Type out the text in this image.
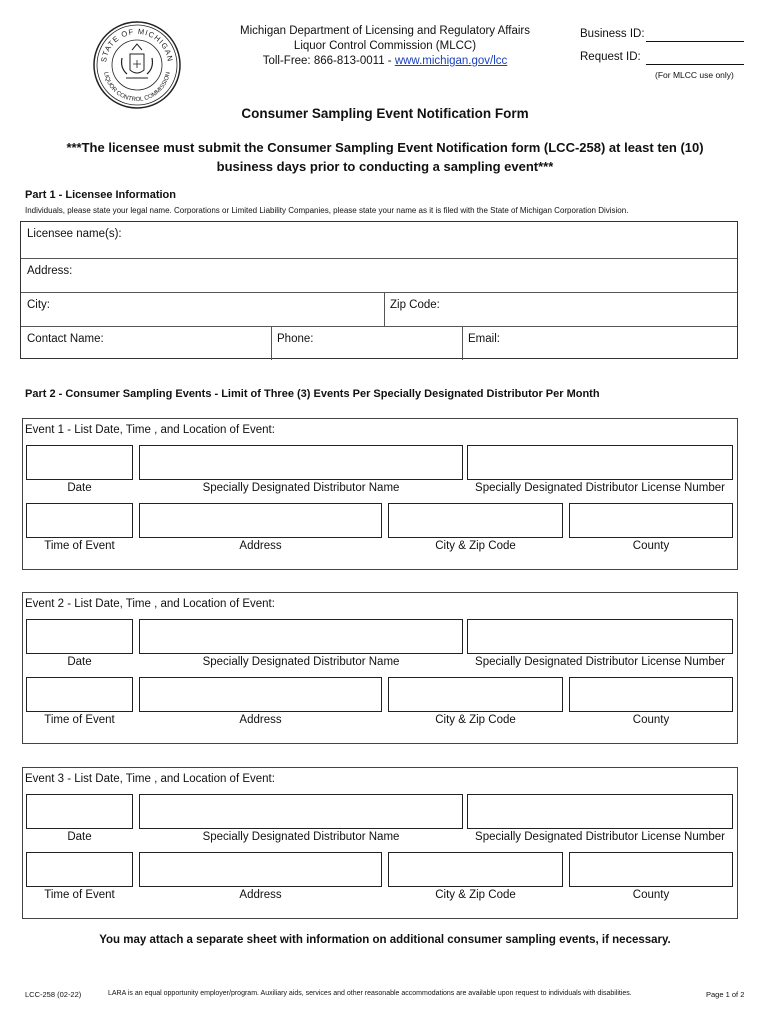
STATE OF MICHIGAN
LIQUOR CONTROL COMMISSION
Michigan Department of Licensing and Regulatory Affairs
Liquor Control Commission (MLCC)
Toll-Free: 866-813-0011 - www.michigan.gov/lcc
Business ID:
Request ID:
(For MLCC use only)
Consumer Sampling Event Notification Form
***The licensee must submit the Consumer Sampling Event Notification form (LCC-258) at least ten (10)
business days prior to conducting a sampling event***
Part 1 - Licensee Information
Individuals, please state your legal name. Corporations or Limited Liability Companies, please state your name as it is filed with the State of Michigan Corporation Division.
Licensee name(s):
Address:
City:	Zip Code:
Contact Name:	Phone:	Email:
Part 2 - Consumer Sampling Events - Limit of Three (3) Events Per Specially Designated Distributor Per Month
Event 1 - List Date, Time , and Location of Event:
Date	Specially Designated Distributor Name	Specially Designated Distributor License Number
Time of Event	Address	City & Zip Code	County
Event 2 - List Date, Time , and Location of Event:
Date	Specially Designated Distributor Name	Specially Designated Distributor License Number
Time of Event	Address	City & Zip Code	County
Event 3 - List Date, Time , and Location of Event:
Date	Specially Designated Distributor Name	Specially Designated Distributor License Number
Time of Event	Address	City & Zip Code	County
You may attach a separate sheet with information on additional consumer sampling events, if necessary.
LCC-258 (02-22)	LARA is an equal opportunity employer/program. Auxiliary aids, services and other reasonable accommodations are available upon request to individuals with disabilities.	Page 1 of 2
